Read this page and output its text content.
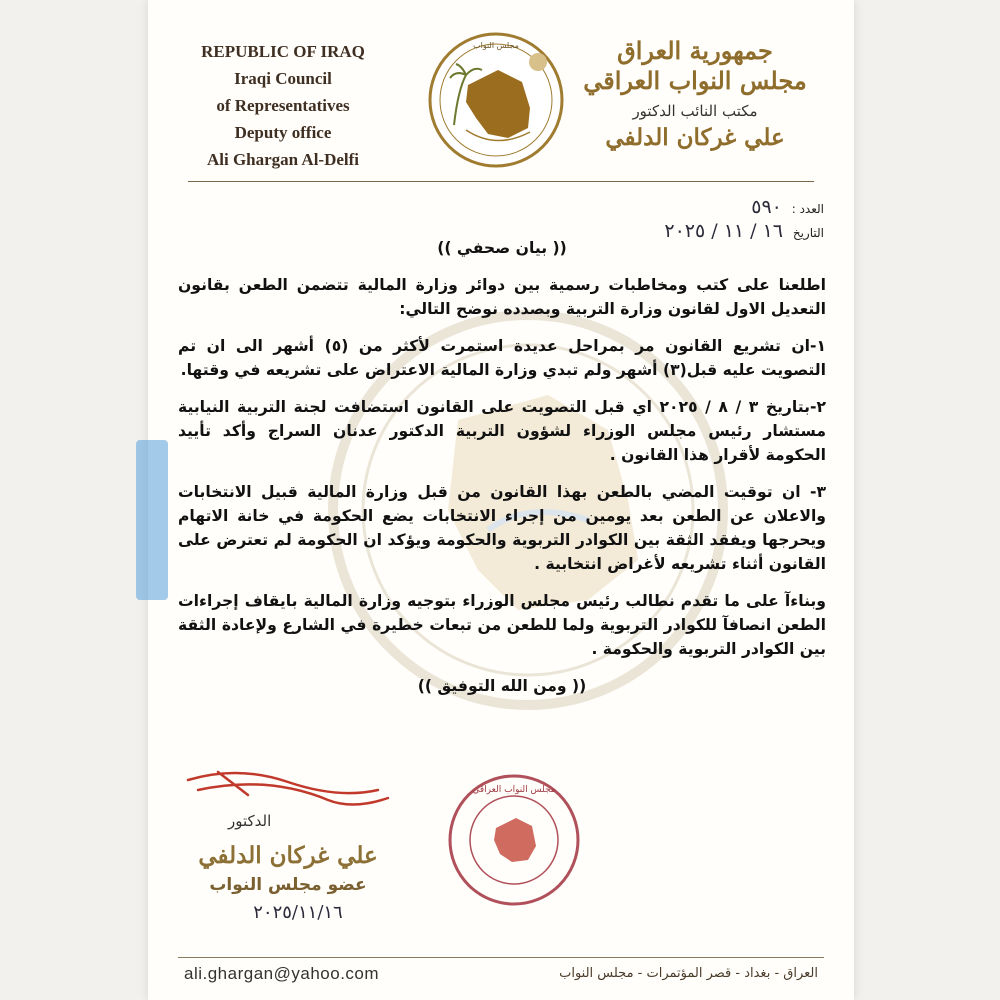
REPUBLIC OF IRAQ
Iraqi Council
of Representatives
Deputy office
Ali Ghargan Al-Delfi
مجلس النواب	جمهورية العراق
مجلس النواب العراقي
مكتب النائب الدكتور
علي غركان الدلفي
العدد : ٥٩٠
التاريخ ١٦ / ١١ / ٢٠٢٥

(( بيان صحفي ))

اطلعنا على كتب ومخاطبات رسمية بين دوائر وزارة المالية تتضمن الطعن بقانون التعديل الاول لقانون وزارة التربية وبصدده نوضح التالي:

١-ان تشريع القانون مر بمراحل عديدة استمرت لأكثر من (٥) أشهر الى ان تم التصويت عليه قبل(٣) أشهر ولم تبدي وزارة المالية الاعتراض على تشريعه في وقتها.

٢-بتاريخ ٣ / ٨ / ٢٠٢٥ اي قبل التصويت على القانون استضافت لجنة التربية النيابية مستشار رئيس مجلس الوزراء لشؤون التربية الدكتور عدنان السراج وأكد تأييد الحكومة لأقرار هذا القانون .

٣- ان توقيت المضي بالطعن بهذا القانون من قبل وزارة المالية قبيل الانتخابات والاعلان عن الطعن بعد يومين من إجراء الانتخابات يضع الحكومة في خانة الاتهام ويحرجها ويفقد الثقة بين الكوادر التربوية والحكومة ويؤكد ان الحكومة لم تعترض على القانون أثناء تشريعه لأغراض انتخابية .

وبناءآ على ما تقدم نطالب رئيس مجلس الوزراء بتوجيه وزارة المالية بايقاف إجراءات الطعن انصافآ للكوادر التربوية ولما للطعن من تبعات خطيرة في الشارع ولإعادة الثقة بين الكوادر التربوية والحكومة .

(( ومن الله التوفيق ))

الدكتور
علي غركان الدلفي
عضو مجلس النواب
٢٠٢٥/١١/١٦
مجلس النواب العراقي
ali.ghargan@yahoo.com	العراق - بغداد - قصر المؤتمرات - مجلس النواب
